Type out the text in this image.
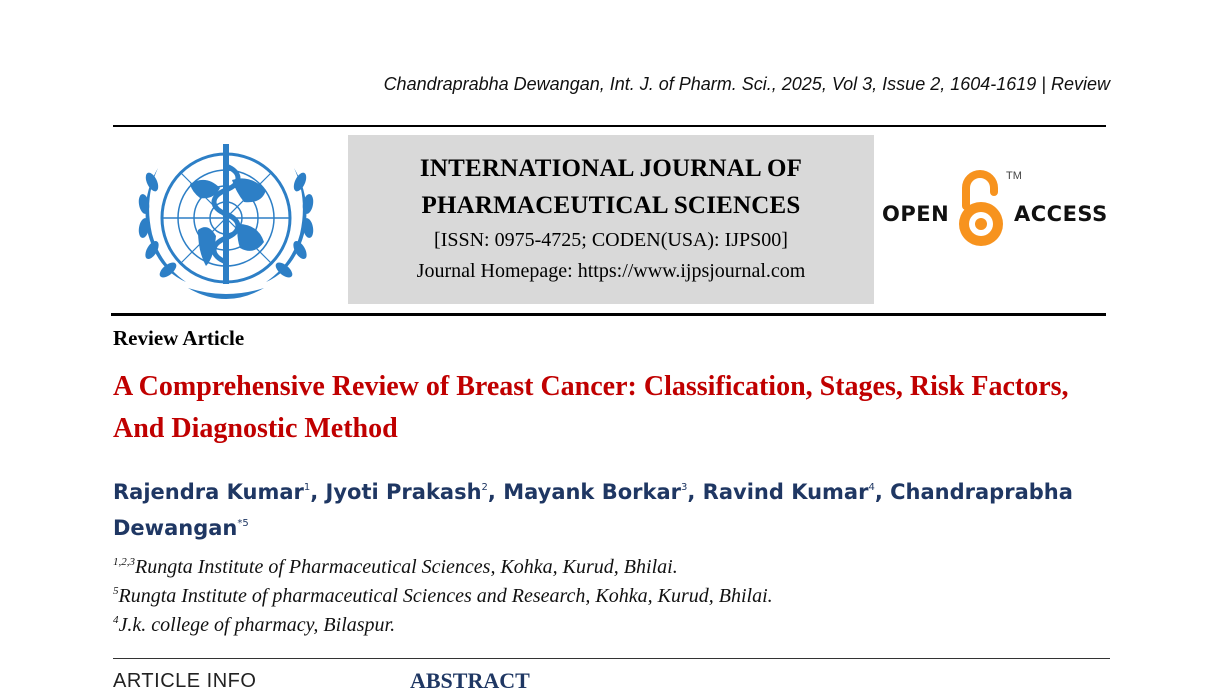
Chandraprabha Dewangan, Int. J. of Pharm. Sci., 2025, Vol 3, Issue 2, 1604-1619 | Review
INTERNATIONAL JOURNAL OF
PHARMACEUTICAL SCIENCES
[ISSN: 0975-4725; CODEN(USA): IJPS00]
Journal Homepage: https://www.ijpsjournal.com
OPEN
TM
ACCESS
Review Article
A Comprehensive Review of Breast Cancer: Classification, Stages, Risk Factors, And Diagnostic Method
Rajendra Kumar$^1$, Jyoti Prakash$^2$, Mayank Borkar$^3$, Ravind Kumar$^4$, Chandraprabha Dewangan$^{*5}$
$^{1,2,3}$Rungta Institute of Pharmaceutical Sciences, Kohka, Kurud, Bhilai.
$^5$Rungta Institute of pharmaceutical Sciences and Research, Kohka, Kurud, Bhilai.
$^4$J.k. college of pharmacy, Bilaspur.
ARTICLE INFO	ABSTRACT
